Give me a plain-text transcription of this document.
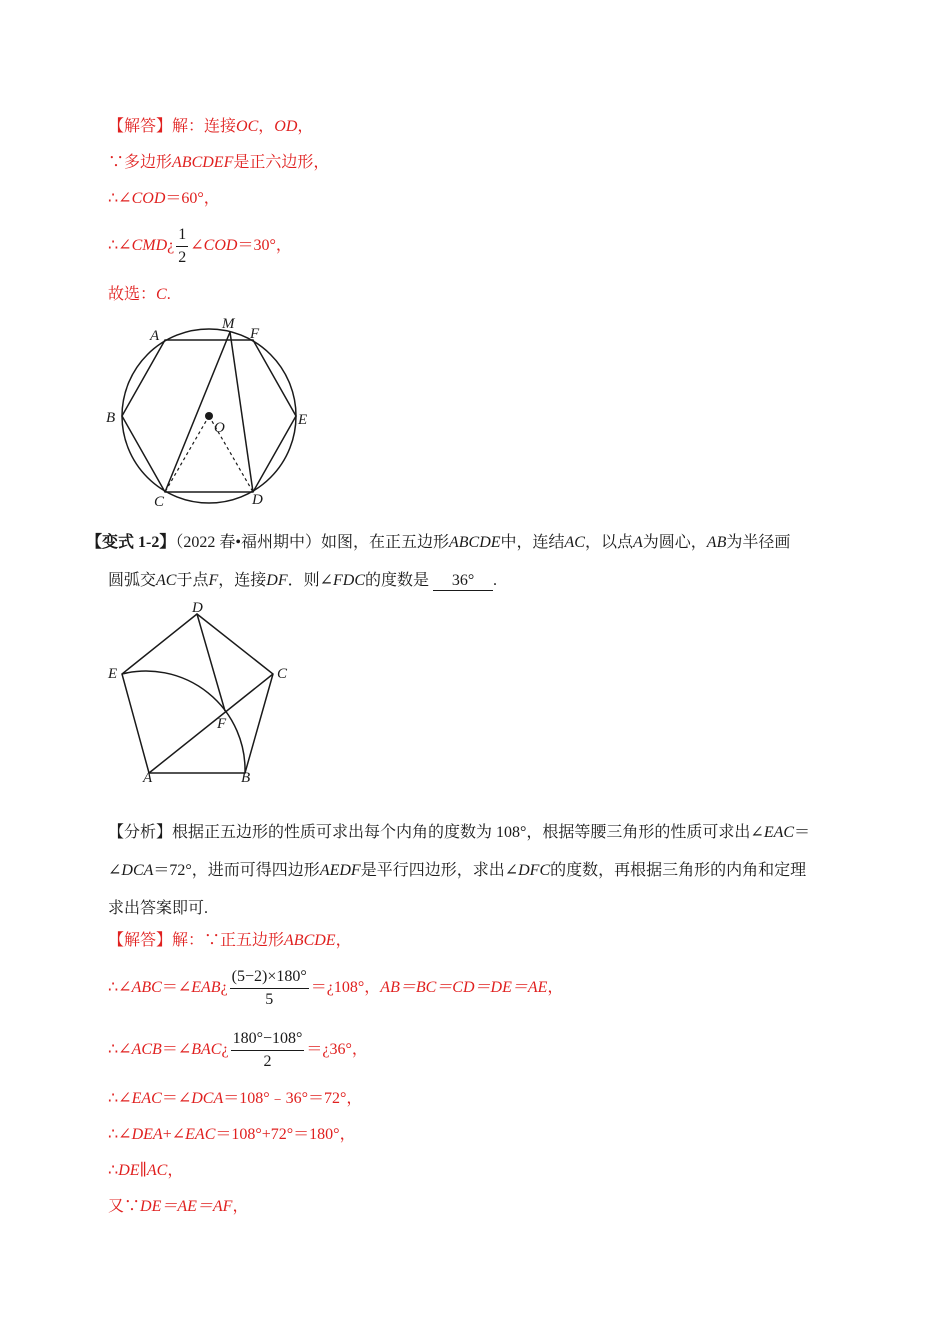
【解答】解：连接OC，OD，
∵多边形ABCDEF是正六边形，
∴∠COD＝60°，
∴∠CMD¿ $\frac{1}{2}$ ∠COD＝30°，
故选：C.
A
M
F
B
O	E
C	D
【变式 1-2】（2022 春•福州期中）如图，在正五边形ABCDE中，连结AC，以点A为圆心，AB为半径画
圆弧交AC于点F，连接DF．则∠FDC的度数是 36° .
D
E	C
F
A	B
【分析】根据正五边形的性质可求出每个内角的度数为 108°，根据等腰三角形的性质可求出∠EAC＝
∠DCA＝72°，进而可得四边形AEDF是平行四边形，求出∠DFC的度数，再根据三角形的内角和定理
求出答案即可.
【解答】解：∵正五边形ABCDE，
∴∠ABC＝∠EAB¿ $\frac{(5-2)\times 180^\circ}{5}$ ＝¿108°，AB＝BC＝CD＝DE＝AE，
∴∠ACB＝∠BAC¿ $\frac{180^\circ-108^\circ}{2}$ ＝¿36°，
∴∠EAC＝∠DCA＝108°﹣36°＝72°，
∴∠DEA+∠EAC＝108°+72°＝180°，
∴DE∥AC，
又∵DE＝AE＝AF，
